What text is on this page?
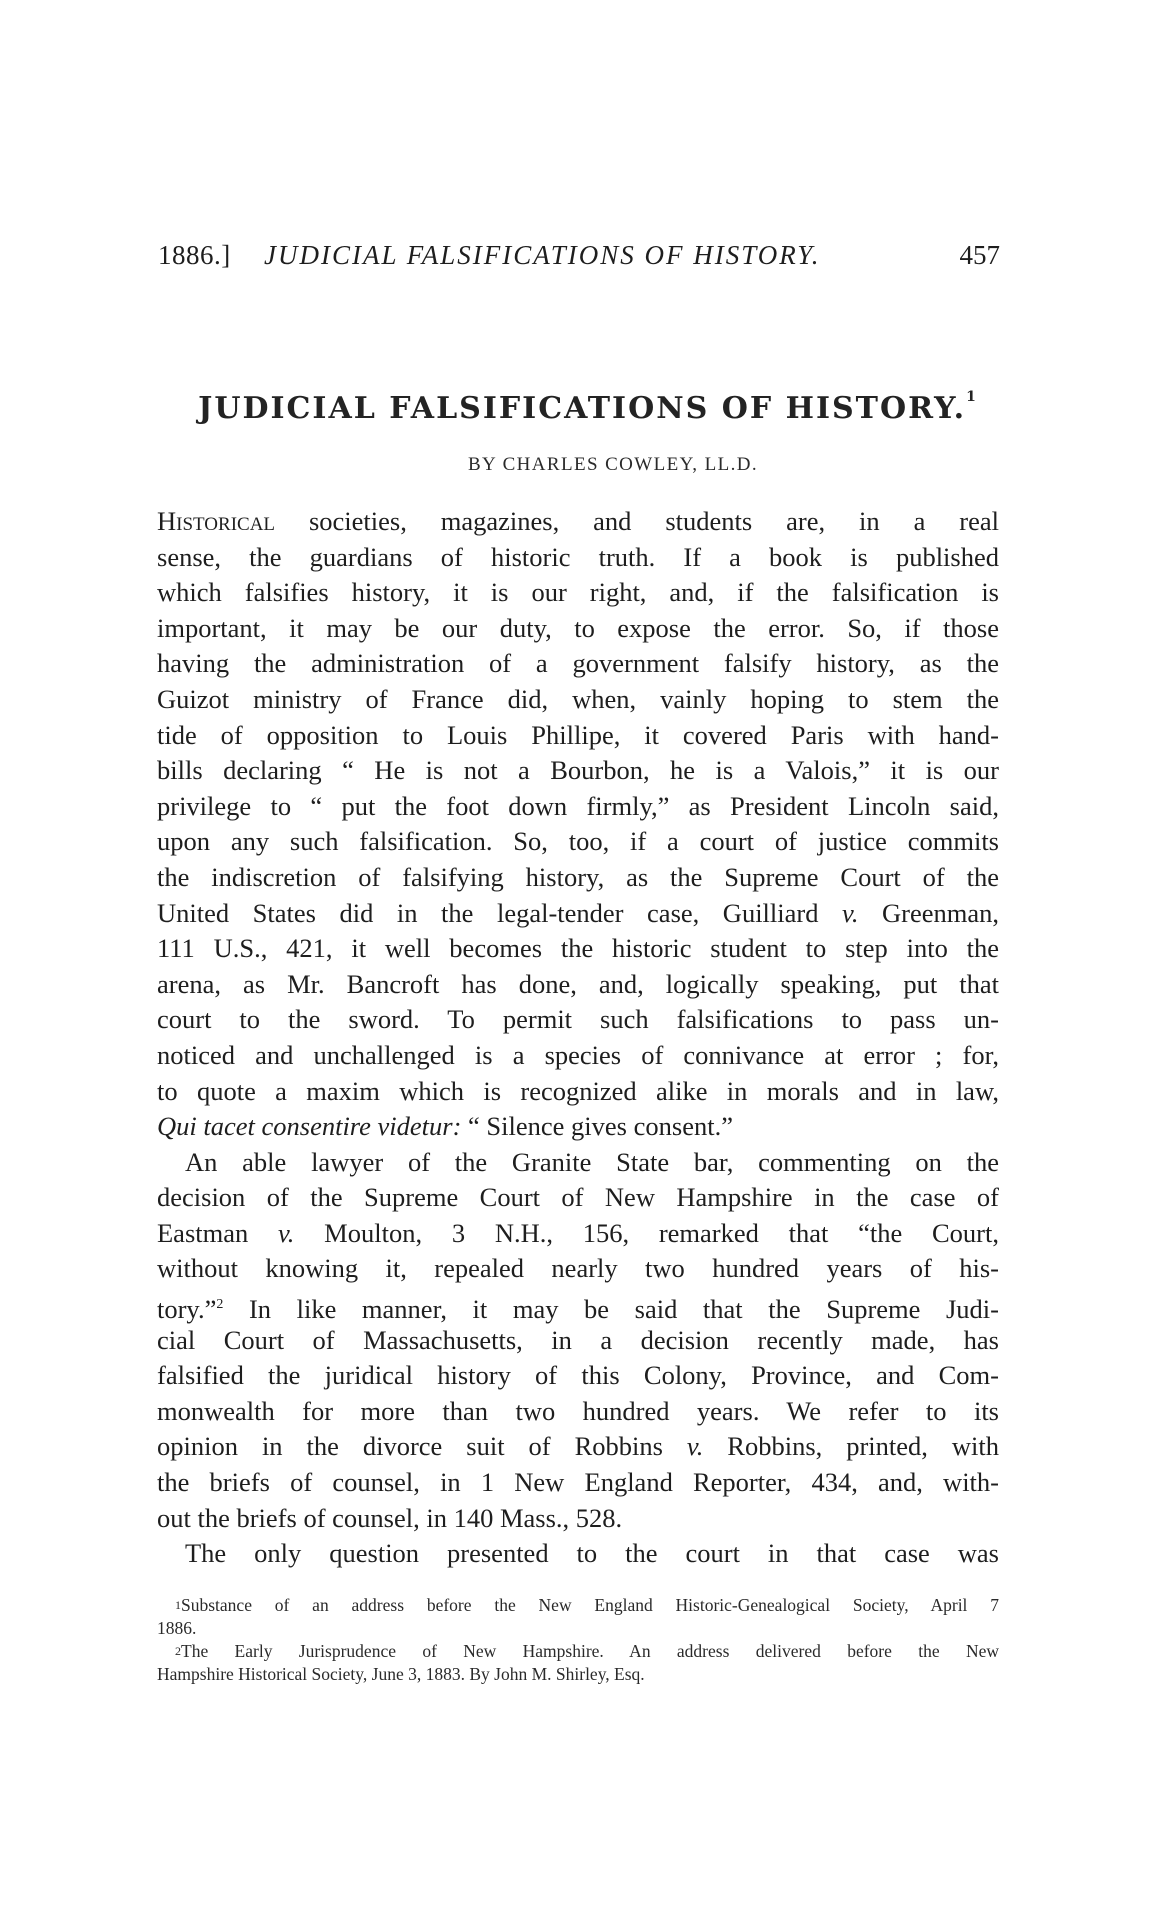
1886.] JUDICIAL FALSIFICATIONS OF HISTORY.	457
JUDICIAL FALSIFICATIONS OF HISTORY.$^1$
BY CHARLES COWLEY, LL.D.
Historical societies, magazines, and students are, in a real
sense, the guardians of historic truth. If a book is published
which falsifies history, it is our right, and, if the falsification is
important, it may be our duty, to expose the error. So, if those
having the administration of a government falsify history, as the
Guizot ministry of France did, when, vainly hoping to stem the
tide of opposition to Louis Phillipe, it covered Paris with hand-
bills declaring “ He is not a Bourbon, he is a Valois,” it is our
privilege to “ put the foot down firmly,” as President Lincoln said,
upon any such falsification. So, too, if a court of justice commits
the indiscretion of falsifying history, as the Supreme Court of the
United States did in the legal-tender case, Guilliard v. Greenman,
111 U.S., 421, it well becomes the historic student to step into the
arena, as Mr. Bancroft has done, and, logically speaking, put that
court to the sword. To permit such falsifications to pass un-
noticed and unchallenged is a species of connivance at error ; for,
to quote a maxim which is recognized alike in morals and in law,
Qui tacet consentire videtur: “ Silence gives consent.”
An able lawyer of the Granite State bar, commenting on the
decision of the Supreme Court of New Hampshire in the case of
Eastman v. Moulton, 3 N.H., 156, remarked that “the Court,
without knowing it, repealed nearly two hundred years of his-
tory.”$^2$ In like manner, it may be said that the Supreme Judi-
cial Court of Massachusetts, in a decision recently made, has
falsified the juridical history of this Colony, Province, and Com-
monwealth for more than two hundred years. We refer to its
opinion in the divorce suit of Robbins v. Robbins, printed, with
the briefs of counsel, in 1 New England Reporter, 434, and, with-
out the briefs of counsel, in 140 Mass., 528.
The only question presented to the court in that case was
$^1$Substance of an address before the New England Historic-Genealogical Society, April 7
1886.
$^2$The Early Jurisprudence of New Hampshire. An address delivered before the New
Hampshire Historical Society, June 3, 1883. By John M. Shirley, Esq.
